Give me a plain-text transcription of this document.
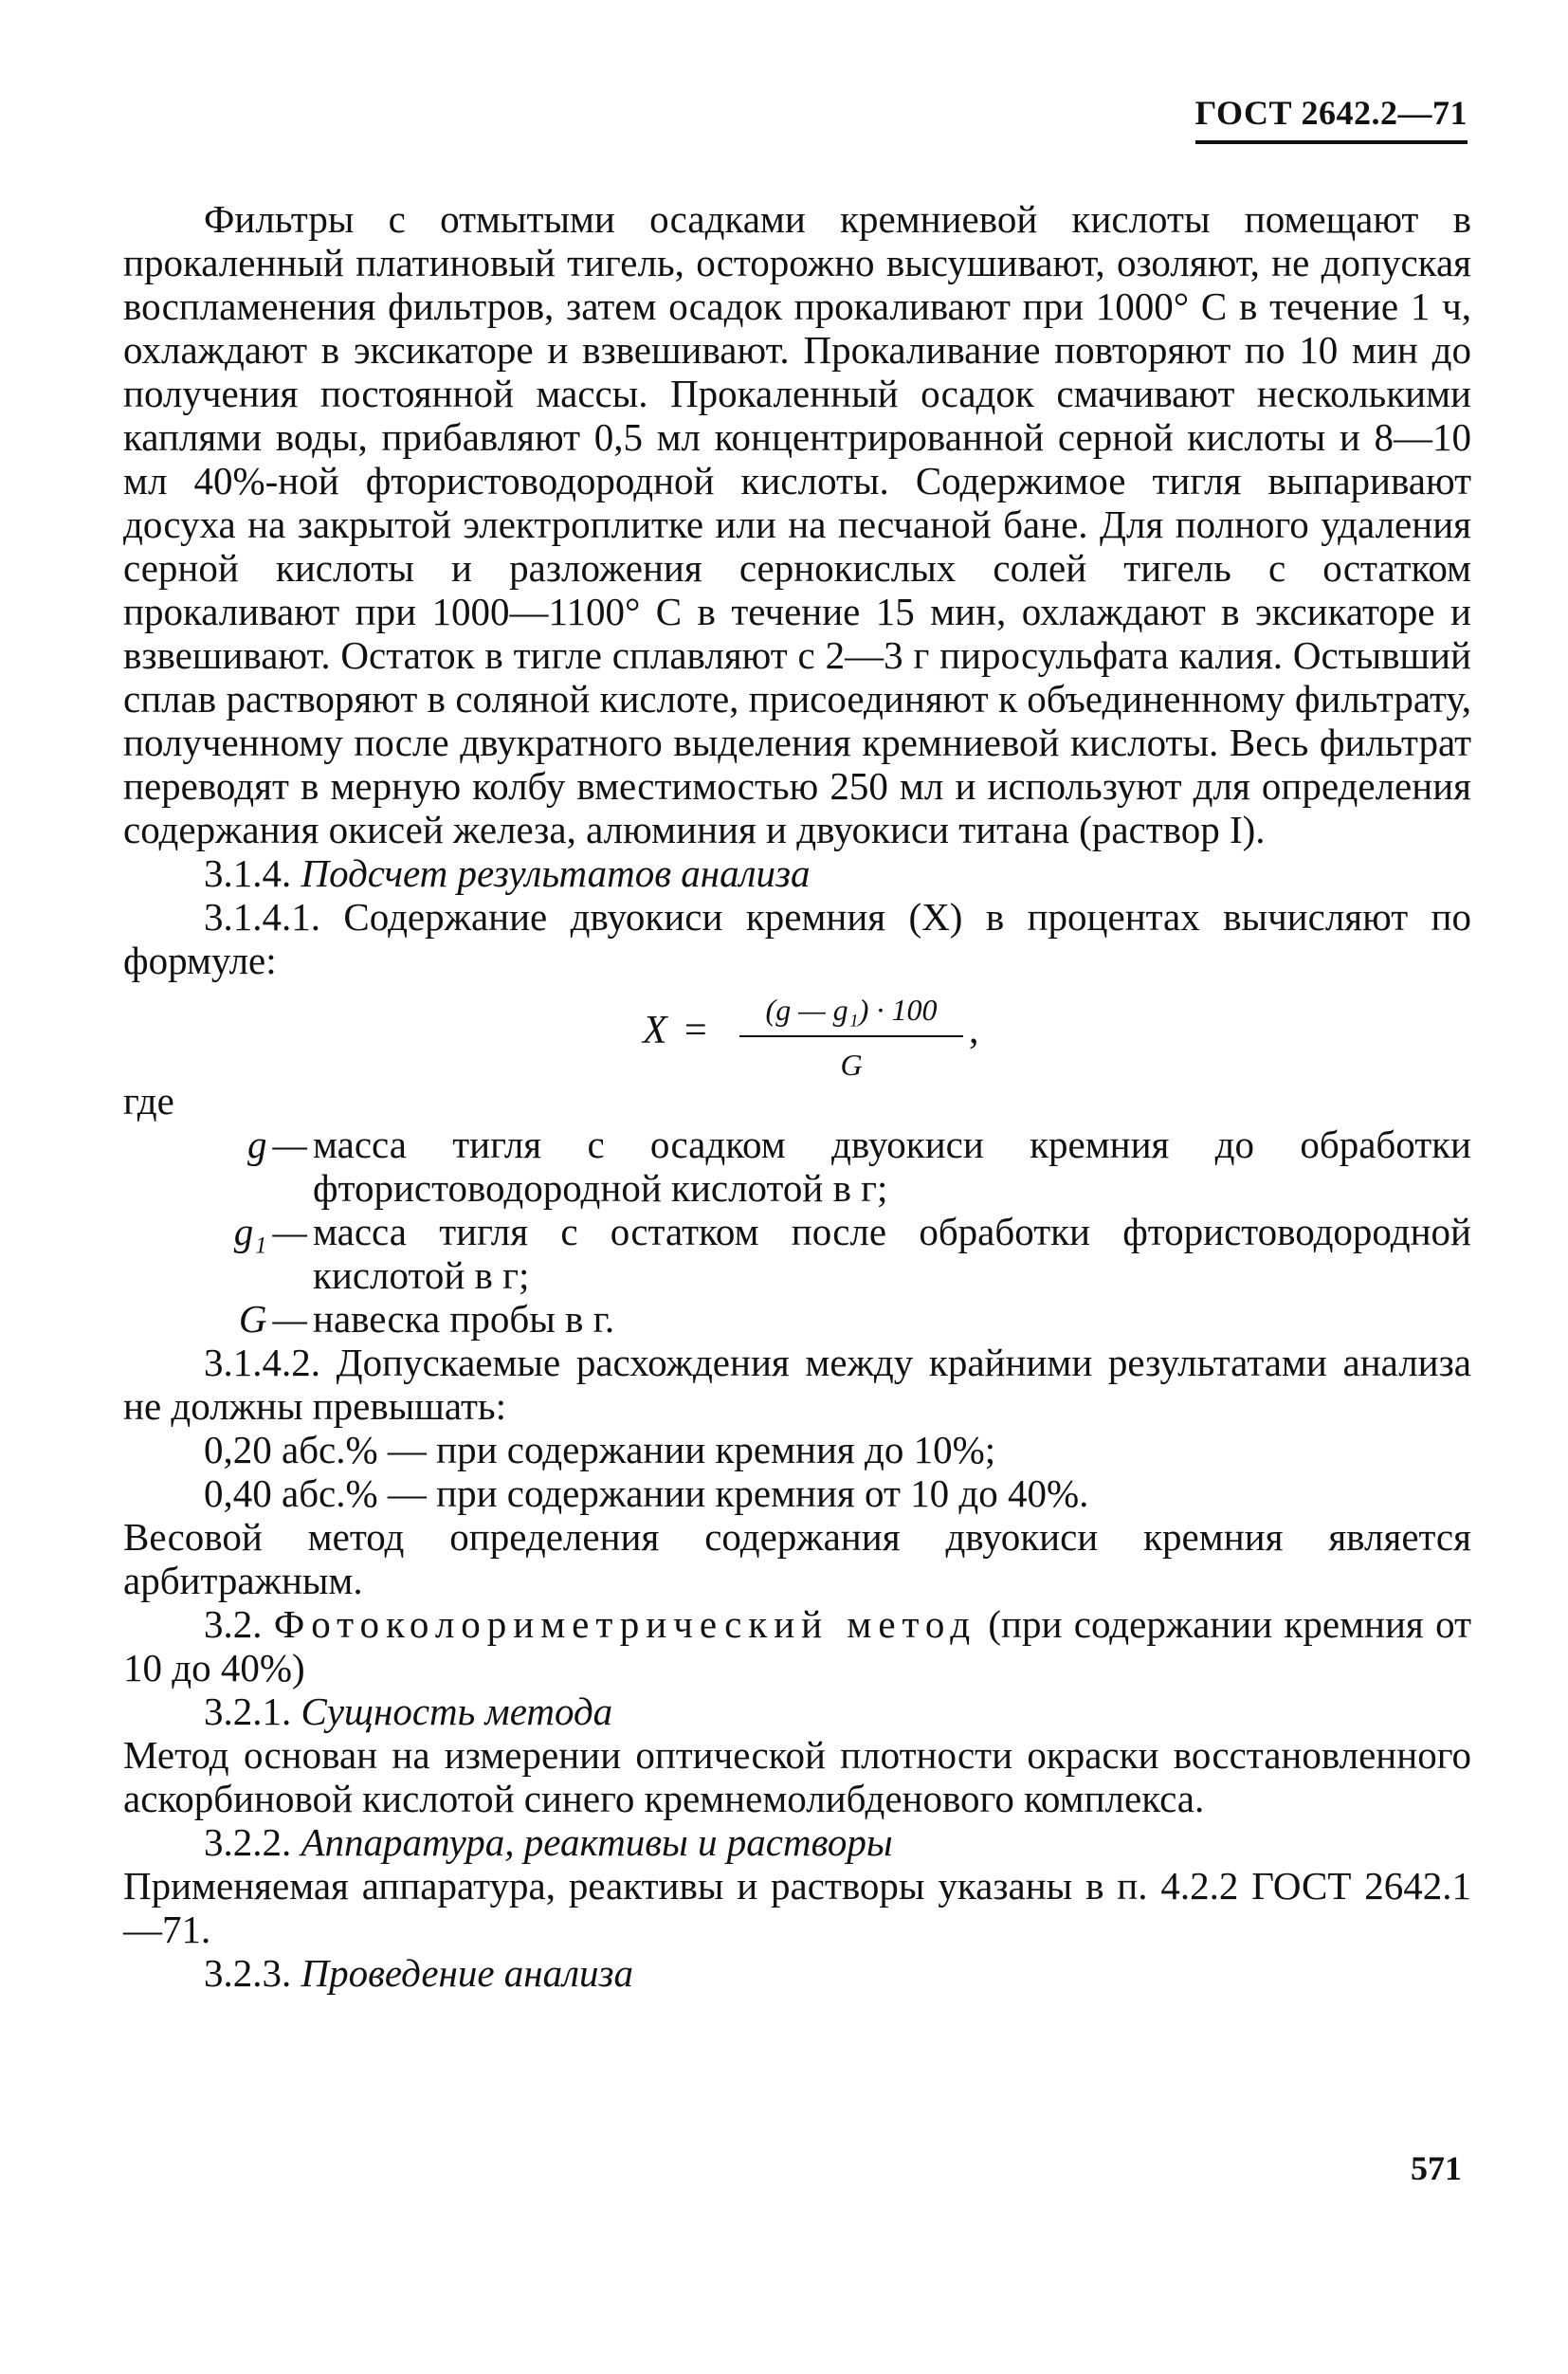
ГОСТ 2642.2—71

Фильтры с отмытыми осадками кремниевой кислоты помещают в прокаленный платиновый тигель, осторожно высушивают, озоляют, не допуская воспламенения фильтров, затем осадок прокаливают при 1000° С в течение 1 ч, охлаждают в эксикаторе и взвешивают. Прокаливание повторяют по 10 мин до получения постоянной массы. Прокаленный осадок смачивают несколькими каплями воды, прибавляют 0,5 мл концентрированной серной кислоты и 8—10 мл 40%-ной фтористоводородной кислоты. Содержимое тигля выпаривают досуха на закрытой электроплитке или на песчаной бане. Для полного удаления серной кислоты и разложения сернокислых солей тигель с остатком прокаливают при 1000—1100° С в течение 15 мин, охлаждают в эксикаторе и взвешивают. Остаток в тигле сплавляют с 2—3 г пиросульфата калия. Остывший сплав растворяют в соляной кислоте, присоединяют к объединенному фильтрату, полученному после двукратного выделения кремниевой кислоты. Весь фильтрат переводят в мерную колбу вместимостью 250 мл и используют для определения содержания окисей железа, алюминия и двуокиси титана (раствор I).

3.1.4. Подсчет результатов анализа

3.1.4.1. Содержание двуокиси кремния (X) в процентах вычисляют по формуле:

$X = \frac{\text{(g — g₁) · 100}}{G}$ ,

где

g — масса тигля с осадком двуокиси кремния до обработки фтористоводородной кислотой в г;
g₁ — масса тигля с остатком после обработки фтористоводородной кислотой в г;
G — навеска пробы в г.

3.1.4.2. Допускаемые расхождения между крайними результатами анализа не должны превышать:

0,20 абс.% — при содержании кремния до 10%;

0,40 абс.% — при содержании кремния от 10 до 40%.

Весовой метод определения содержания двуокиси кремния является арбитражным.

3.2. Фотоколориметрический метод (при содержании кремния от 10 до 40%)

3.2.1. Сущность метода

Метод основан на измерении оптической плотности окраски восстановленного аскорбиновой кислотой синего кремнемолибденового комплекса.

3.2.2. Аппаратура, реактивы и растворы

Применяемая аппаратура, реактивы и растворы указаны в п. 4.2.2 ГОСТ 2642.1—71.

3.2.3. Проведение анализа

571
